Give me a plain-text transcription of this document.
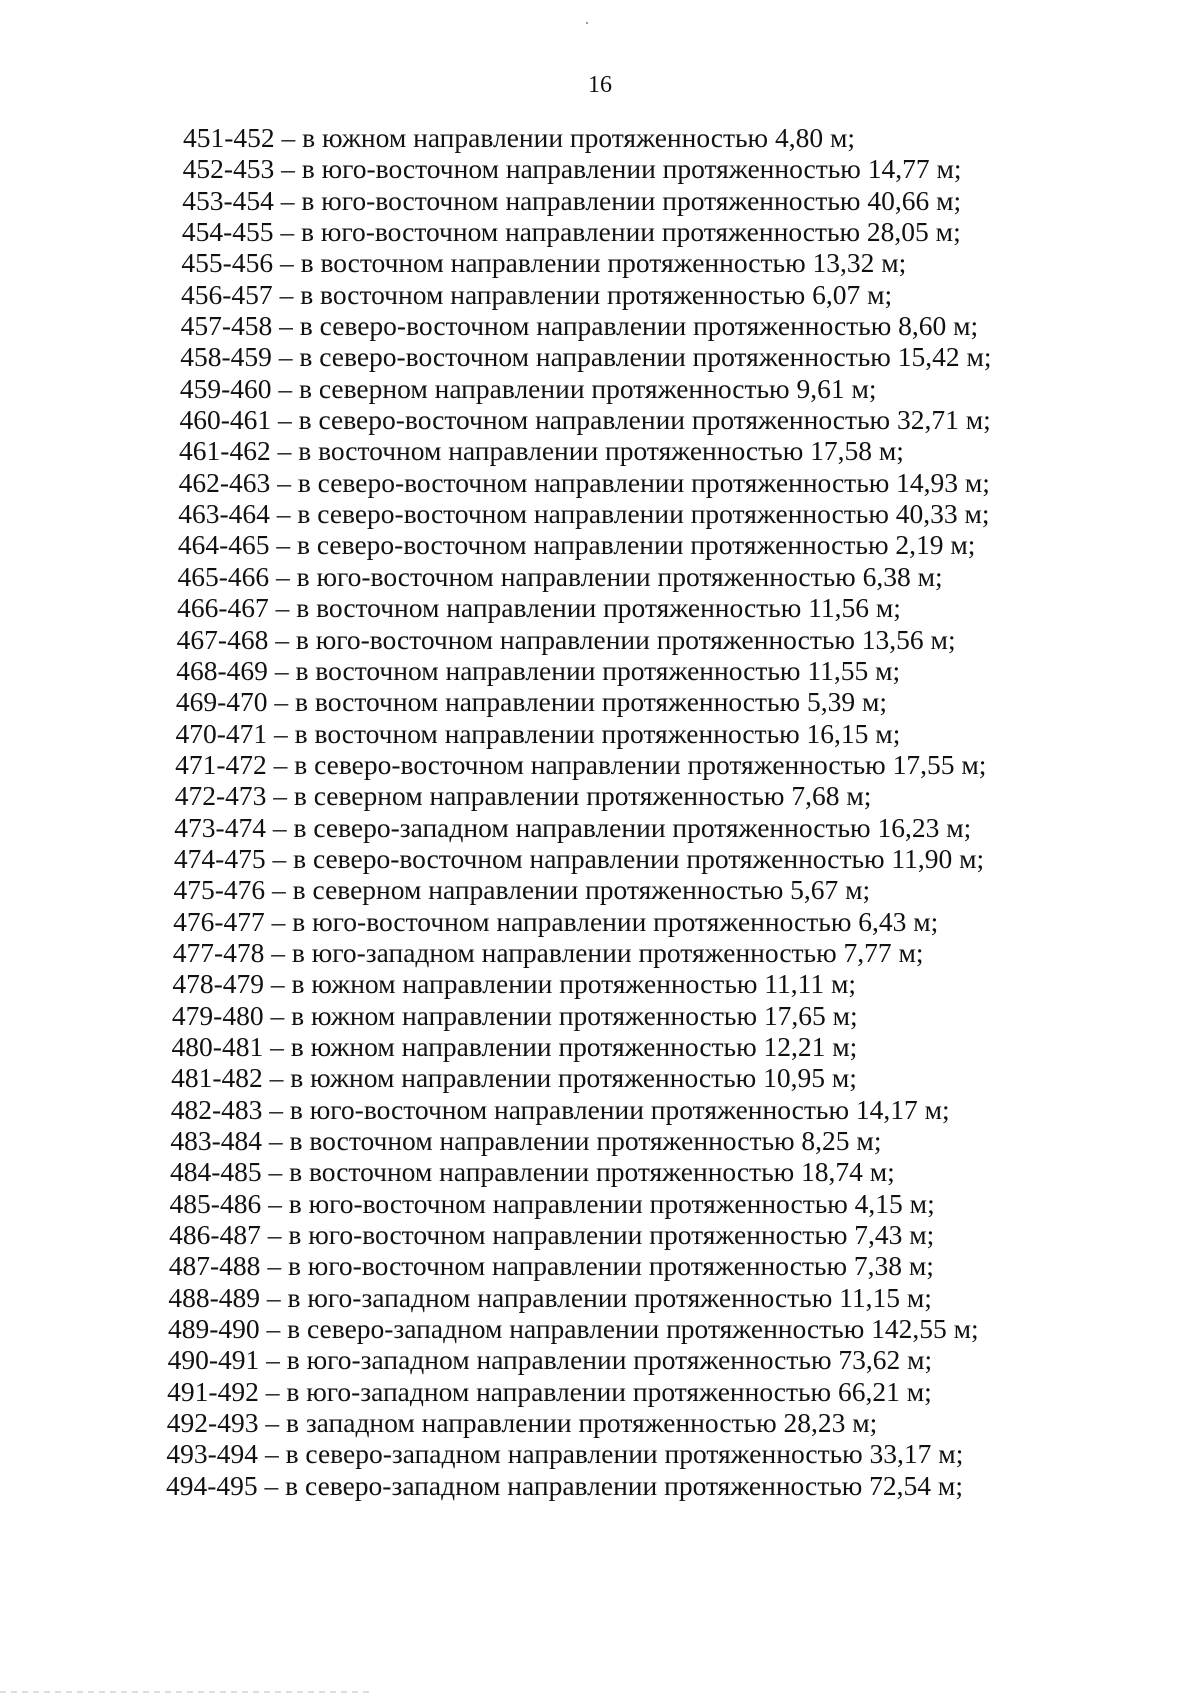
16
451-452 – в южном направлении протяженностью 4,80 м;
452-453 – в юго-восточном направлении протяженностью 14,77 м;
453-454 – в юго-восточном направлении протяженностью 40,66 м;
454-455 – в юго-восточном направлении протяженностью 28,05 м;
455-456 – в восточном направлении протяженностью 13,32 м;
456-457 – в восточном направлении протяженностью 6,07 м;
457-458 – в северо-восточном направлении протяженностью 8,60 м;
458-459 – в северо-восточном направлении протяженностью 15,42 м;
459-460 – в северном направлении протяженностью 9,61 м;
460-461 – в северо-восточном направлении протяженностью 32,71 м;
461-462 – в восточном направлении протяженностью 17,58 м;
462-463 – в северо-восточном направлении протяженностью 14,93 м;
463-464 – в северо-восточном направлении протяженностью 40,33 м;
464-465 – в северо-восточном направлении протяженностью 2,19 м;
465-466 – в юго-восточном направлении протяженностью 6,38 м;
466-467 – в восточном направлении протяженностью 11,56 м;
467-468 – в юго-восточном направлении протяженностью 13,56 м;
468-469 – в восточном направлении протяженностью 11,55 м;
469-470 – в восточном направлении протяженностью 5,39 м;
470-471 – в восточном направлении протяженностью 16,15 м;
471-472 – в северо-восточном направлении протяженностью 17,55 м;
472-473 – в северном направлении протяженностью 7,68 м;
473-474 – в северо-западном направлении протяженностью 16,23 м;
474-475 – в северо-восточном направлении протяженностью 11,90 м;
475-476 – в северном направлении протяженностью 5,67 м;
476-477 – в юго-восточном направлении протяженностью 6,43 м;
477-478 – в юго-западном направлении протяженностью 7,77 м;
478-479 – в южном направлении протяженностью 11,11 м;
479-480 – в южном направлении протяженностью 17,65 м;
480-481 – в южном направлении протяженностью 12,21 м;
481-482 – в южном направлении протяженностью 10,95 м;
482-483 – в юго-восточном направлении протяженностью 14,17 м;
483-484 – в восточном направлении протяженностью 8,25 м;
484-485 – в восточном направлении протяженностью 18,74 м;
485-486 – в юго-восточном направлении протяженностью 4,15 м;
486-487 – в юго-восточном направлении протяженностью 7,43 м;
487-488 – в юго-восточном направлении протяженностью 7,38 м;
488-489 – в юго-западном направлении протяженностью 11,15 м;
489-490 – в северо-западном направлении протяженностью 142,55 м;
490-491 – в юго-западном направлении протяженностью 73,62 м;
491-492 – в юго-западном направлении протяженностью 66,21 м;
492-493 – в западном направлении протяженностью 28,23 м;
493-494 – в северо-западном направлении протяженностью 33,17 м;
494-495 – в северо-западном направлении протяженностью 72,54 м;
